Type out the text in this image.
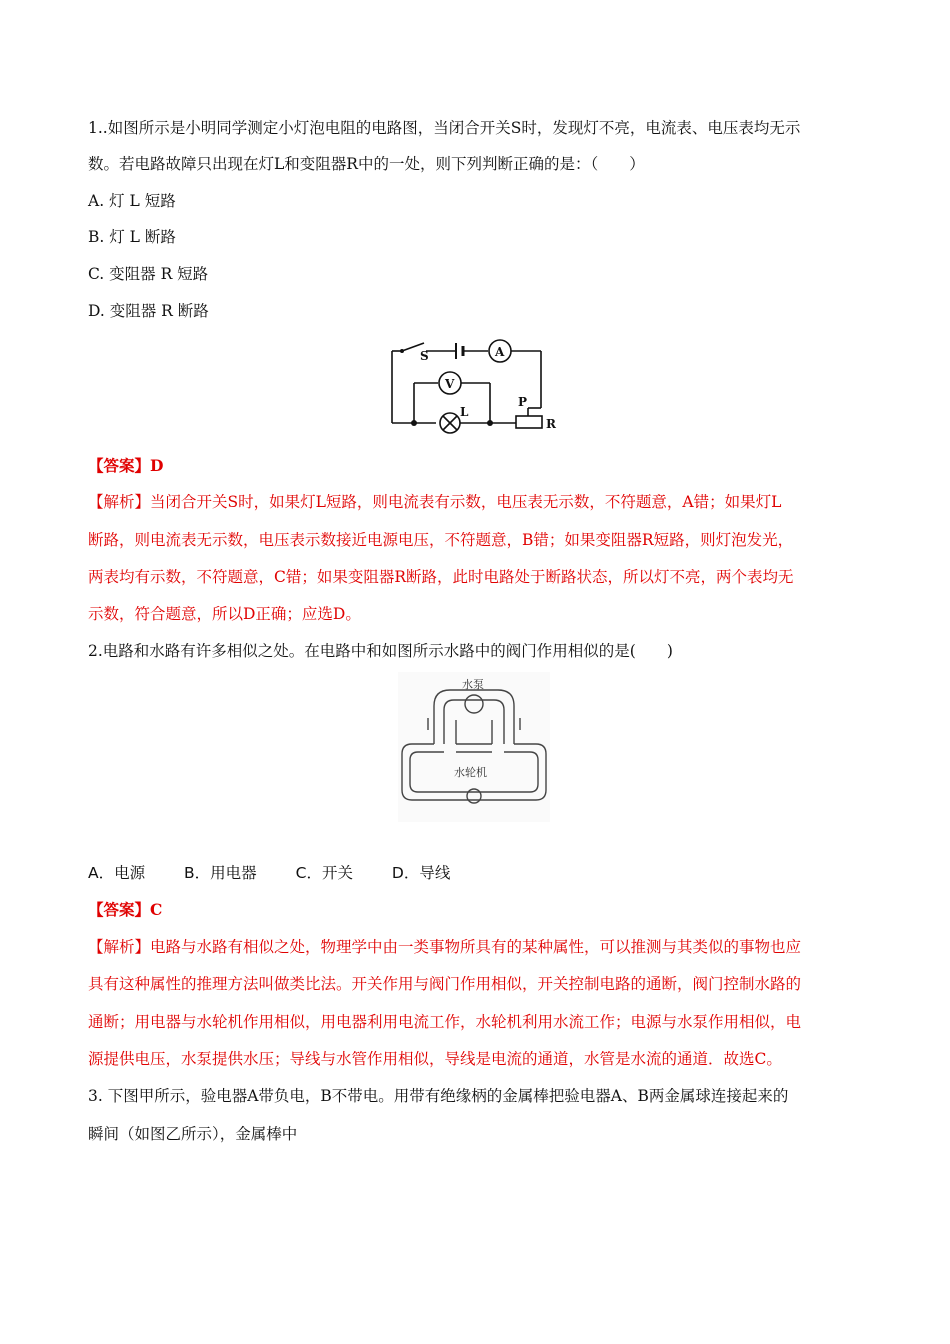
1..如图所示是小明同学测定小灯泡电阻的电路图，当闭合开关S时，发现灯不亮，电流表、电压表均无示
数。若电路故障只出现在灯L和变阻器R中的一处，则下列判断正确的是：（　　）
A. 灯 L 短路
B. 灯 L 断路
C. 变阻器 R 短路
D. 变阻器 R 断路
S	A
V
L
P
R
【答案】D
【解析】当闭合开关S时，如果灯L短路，则电流表有示数，电压表无示数，不符题意，A错；如果灯L
断路，则电流表无示数，电压表示数接近电源电压，不符题意，B错；如果变阻器R短路，则灯泡发光，
两表均有示数，不符题意，C错；如果变阻器R断路，此时电路处于断路状态，所以灯不亮，两个表均无
示数，符合题意，所以D正确；应选D。
2.电路和水路有许多相似之处。在电路中和如图所示水路中的阀门作用相似的是(　　)
水泵
水轮机
A．电源	B．用电器	C．开关	D．导线
【答案】C
【解析】电路与水路有相似之处，物理学中由一类事物所具有的某种属性，可以推测与其类似的事物也应
具有这种属性的推理方法叫做类比法。开关作用与阀门作用相似，开关控制电路的通断，阀门控制水路的
通断；用电器与水轮机作用相似，用电器利用电流工作，水轮机利用水流工作；电源与水泵作用相似，电
源提供电压，水泵提供水压；导线与水管作用相似，导线是电流的通道，水管是水流的通道．故选C。
3. 下图甲所示，验电器A带负电，B不带电。用带有绝缘柄的金属棒把验电器A、B两金属球连接起来的
瞬间（如图乙所示），金属棒中
